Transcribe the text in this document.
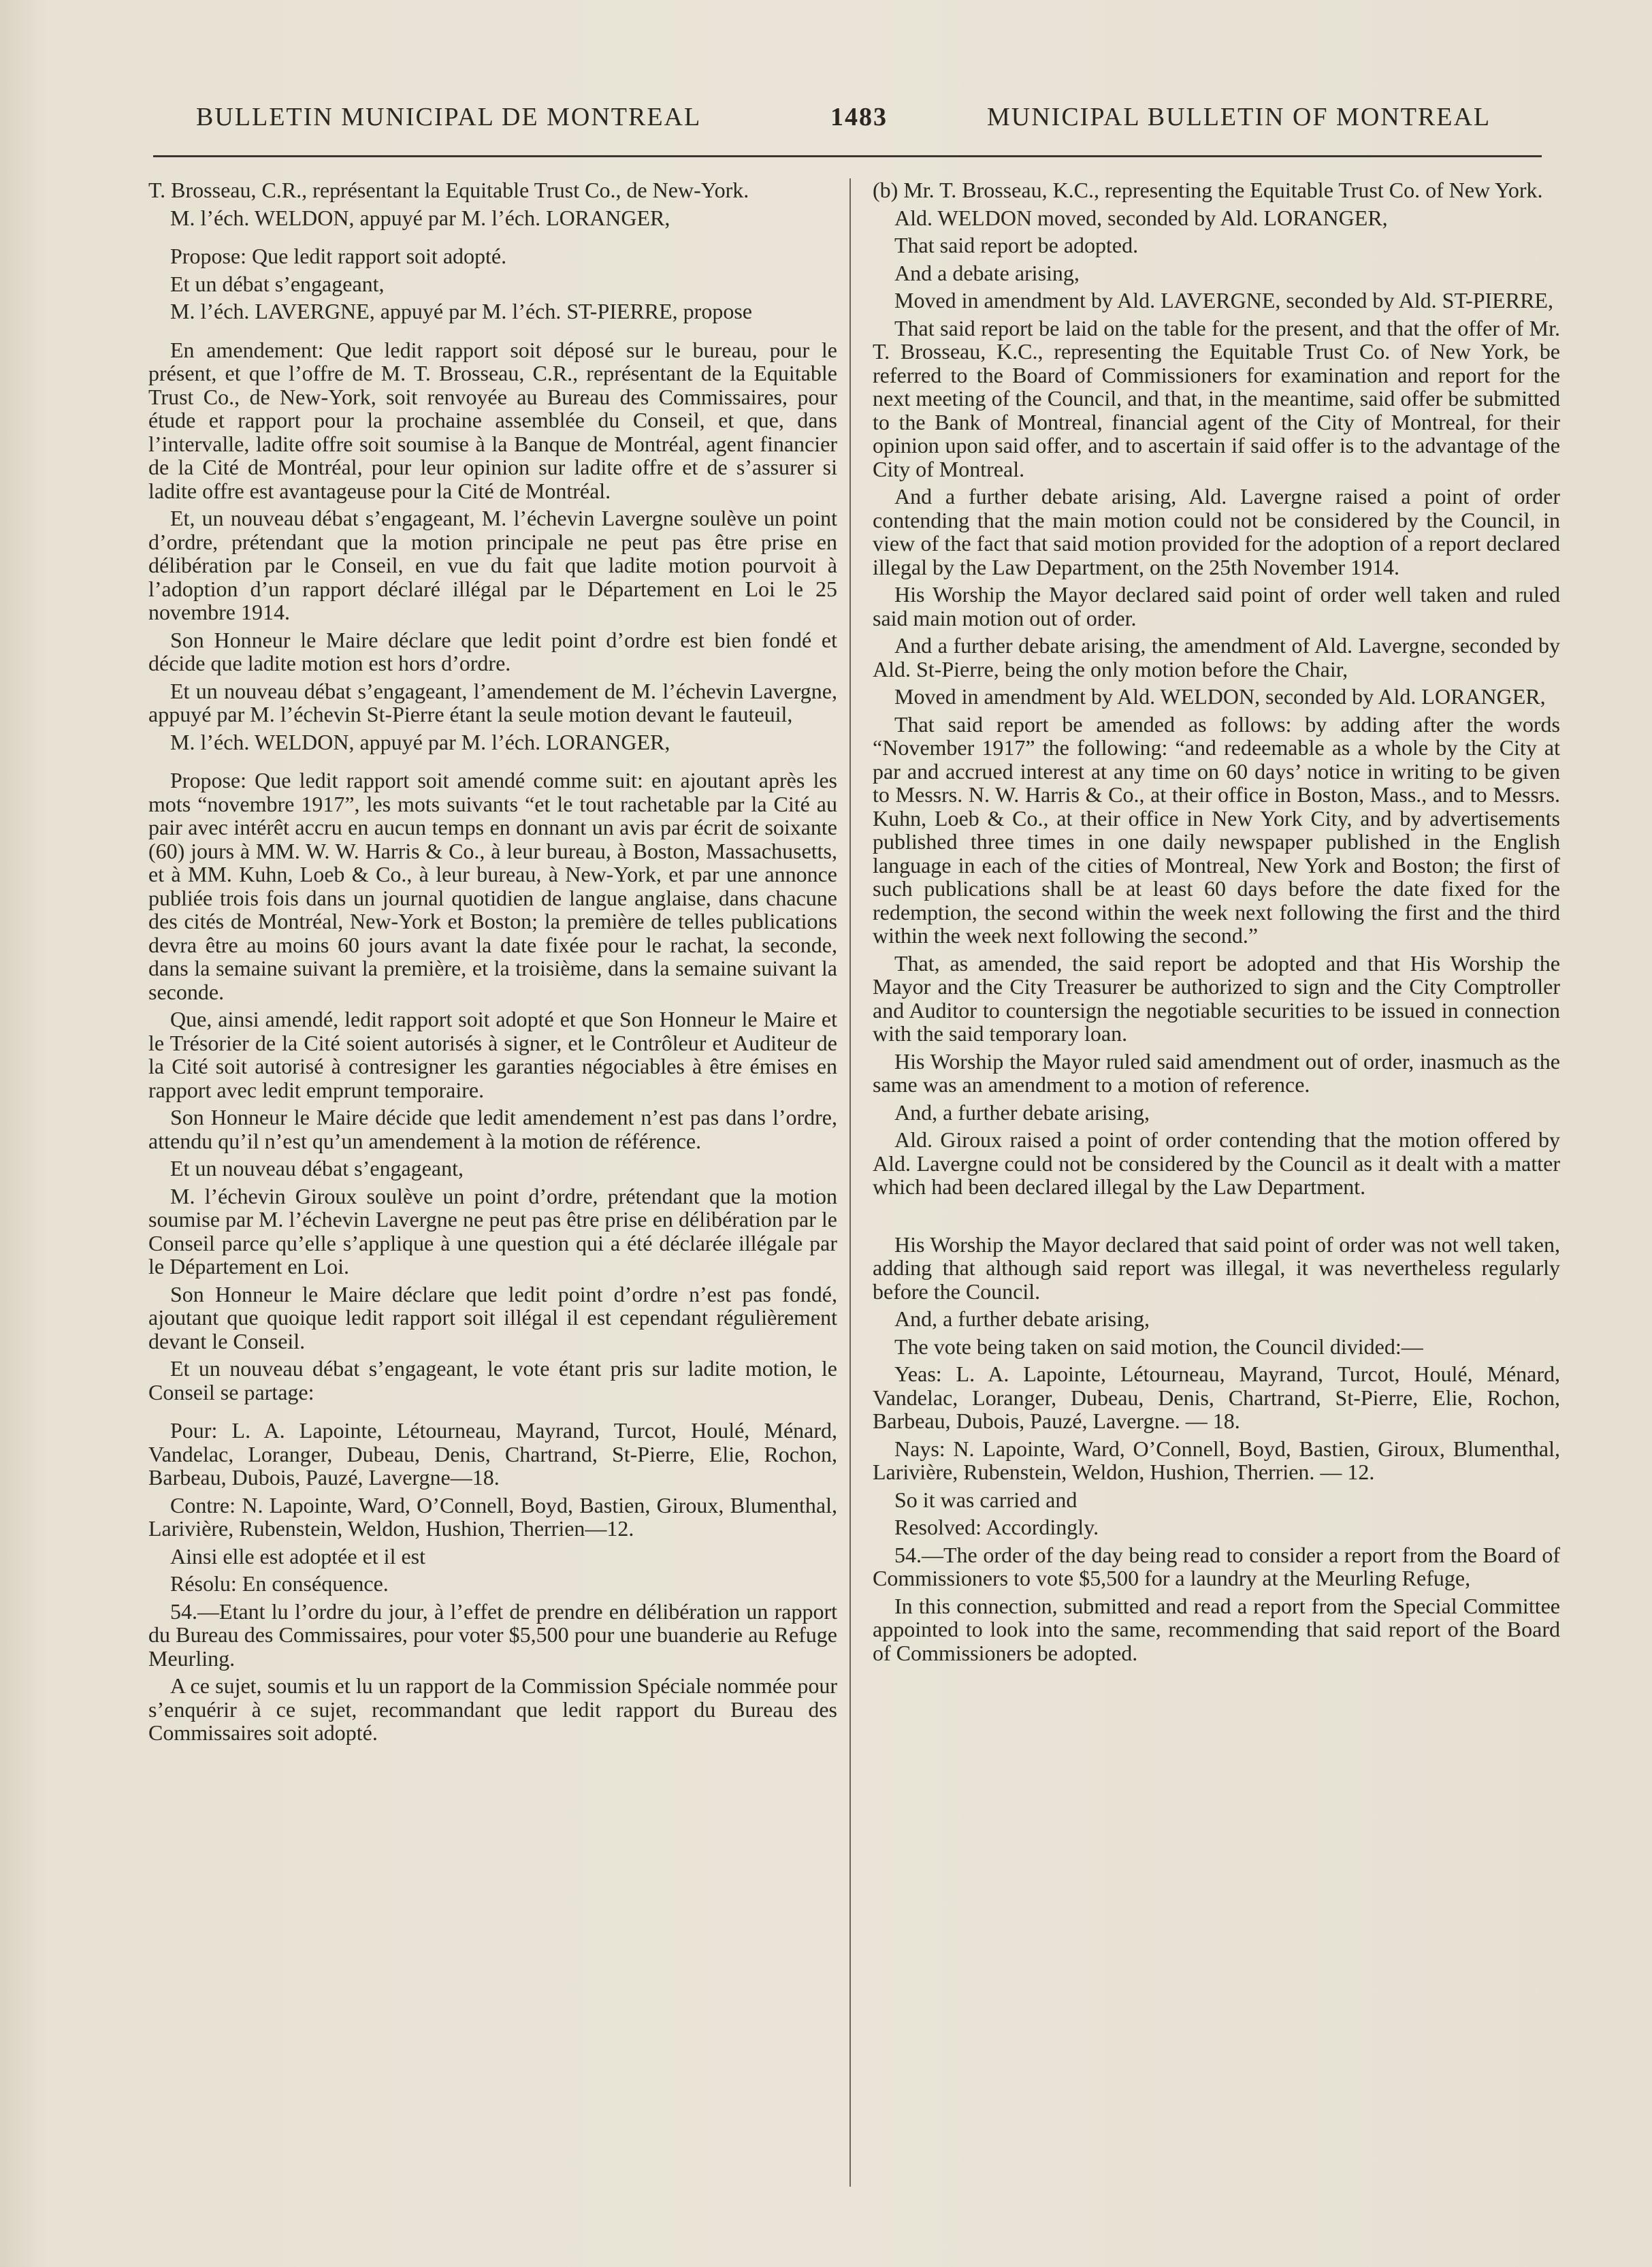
BULLETIN MUNICIPAL DE MONTREAL	1483	MUNICIPAL BULLETIN OF MONTREAL

T. Brosseau, C.R., représentant la Equitable Trust Co., de New-York.

M. l’éch. WELDON, appuyé par M. l’éch. LORANGER,

Propose: Que ledit rapport soit adopté.

Et un débat s’engageant,

M. l’éch. LAVERGNE, appuyé par M. l’éch. ST-PIERRE, propose

En amendement: Que ledit rapport soit déposé sur le bureau, pour le présent, et que l’offre de M. T. Brosseau, C.R., représentant de la Equitable Trust Co., de New-York, soit renvoyée au Bureau des Commissaires, pour étude et rapport pour la prochaine assemblée du Conseil, et que, dans l’intervalle, ladite offre soit soumise à la Banque de Montréal, agent financier de la Cité de Montréal, pour leur opinion sur ladite offre et de s’assurer si ladite offre est avantageuse pour la Cité de Montréal.

Et, un nouveau débat s’engageant, M. l’échevin Lavergne soulève un point d’ordre, prétendant que la motion principale ne peut pas être prise en délibération par le Conseil, en vue du fait que ladite motion pourvoit à l’adoption d’un rapport déclaré illégal par le Département en Loi le 25 novembre 1914.

Son Honneur le Maire déclare que ledit point d’ordre est bien fondé et décide que ladite motion est hors d’ordre.

Et un nouveau débat s’engageant, l’amendement de M. l’échevin Lavergne, appuyé par M. l’échevin St-Pierre étant la seule motion devant le fauteuil,

M. l’éch. WELDON, appuyé par M. l’éch. LORANGER,

Propose: Que ledit rapport soit amendé comme suit: en ajoutant après les mots “novembre 1917”, les mots suivants “et le tout rachetable par la Cité au pair avec intérêt accru en aucun temps en donnant un avis par écrit de soixante (60) jours à MM. W. W. Harris & Co., à leur bureau, à Boston, Massachusetts, et à MM. Kuhn, Loeb & Co., à leur bureau, à New-York, et par une annonce publiée trois fois dans un journal quotidien de langue anglaise, dans chacune des cités de Montréal, New-York et Boston; la première de telles publications devra être au moins 60 jours avant la date fixée pour le rachat, la seconde, dans la semaine suivant la première, et la troisième, dans la semaine suivant la seconde.

Que, ainsi amendé, ledit rapport soit adopté et que Son Honneur le Maire et le Trésorier de la Cité soient autorisés à signer, et le Contrôleur et Auditeur de la Cité soit autorisé à contresigner les garanties négociables à être émises en rapport avec ledit emprunt temporaire.

Son Honneur le Maire décide que ledit amendement n’est pas dans l’ordre, attendu qu’il n’est qu’un amendement à la motion de référence.

Et un nouveau débat s’engageant,

M. l’échevin Giroux soulève un point d’ordre, prétendant que la motion soumise par M. l’échevin Lavergne ne peut pas être prise en délibération par le Conseil parce qu’elle s’applique à une question qui a été déclarée illégale par le Département en Loi.

Son Honneur le Maire déclare que ledit point d’ordre n’est pas fondé, ajoutant que quoique ledit rapport soit illégal il est cependant régulièrement devant le Conseil.

Et un nouveau débat s’engageant, le vote étant pris sur ladite motion, le Conseil se partage:

Pour: L. A. Lapointe, Létourneau, Mayrand, Turcot, Houlé, Ménard, Vandelac, Loranger, Dubeau, Denis, Chartrand, St-Pierre, Elie, Rochon, Barbeau, Dubois, Pauzé, Lavergne—18.

Contre: N. Lapointe, Ward, O’Connell, Boyd, Bastien, Giroux, Blumenthal, Larivière, Rubenstein, Weldon, Hushion, Therrien—12.

Ainsi elle est adoptée et il est

Résolu: En conséquence.

54.—Etant lu l’ordre du jour, à l’effet de prendre en délibération un rapport du Bureau des Commissaires, pour voter $5,500 pour une buanderie au Refuge Meurling.

A ce sujet, soumis et lu un rapport de la Commission Spéciale nommée pour s’enquérir à ce sujet, recommandant que ledit rapport du Bureau des Commissaires soit adopté.

(b) Mr. T. Brosseau, K.C., representing the Equitable Trust Co. of New York.

Ald. WELDON moved, seconded by Ald. LORANGER,

That said report be adopted.

And a debate arising,

Moved in amendment by Ald. LAVERGNE, seconded by Ald. ST-PIERRE,

That said report be laid on the table for the present, and that the offer of Mr. T. Brosseau, K.C., representing the Equitable Trust Co. of New York, be referred to the Board of Commissioners for examination and report for the next meeting of the Council, and that, in the meantime, said offer be submitted to the Bank of Montreal, financial agent of the City of Montreal, for their opinion upon said offer, and to ascertain if said offer is to the advantage of the City of Montreal.

And a further debate arising, Ald. Lavergne raised a point of order contending that the main motion could not be considered by the Council, in view of the fact that said motion provided for the adoption of a report declared illegal by the Law Department, on the 25th November 1914.

His Worship the Mayor declared said point of order well taken and ruled said main motion out of order.

And a further debate arising, the amendment of Ald. Lavergne, seconded by Ald. St-Pierre, being the only motion before the Chair,

Moved in amendment by Ald. WELDON, seconded by Ald. LORANGER,

That said report be amended as follows: by adding after the words “November 1917” the following: “and redeemable as a whole by the City at par and accrued interest at any time on 60 days’ notice in writing to be given to Messrs. N. W. Harris & Co., at their office in Boston, Mass., and to Messrs. Kuhn, Loeb & Co., at their office in New York City, and by advertisements published three times in one daily newspaper published in the English language in each of the cities of Montreal, New York and Boston; the first of such publications shall be at least 60 days before the date fixed for the redemption, the second within the week next following the first and the third within the week next following the second.”

That, as amended, the said report be adopted and that His Worship the Mayor and the City Treasurer be authorized to sign and the City Comptroller and Auditor to countersign the negotiable securities to be issued in connection with the said temporary loan.

His Worship the Mayor ruled said amendment out of order, inasmuch as the same was an amendment to a motion of reference.

And, a further debate arising,

Ald. Giroux raised a point of order contending that the motion offered by Ald. Lavergne could not be considered by the Council as it dealt with a matter which had been declared illegal by the Law Department.

His Worship the Mayor declared that said point of order was not well taken, adding that although said report was illegal, it was nevertheless regularly before the Council.

And, a further debate arising,

The vote being taken on said motion, the Council divided:—

Yeas: L. A. Lapointe, Létourneau, Mayrand, Turcot, Houlé, Ménard, Vandelac, Loranger, Dubeau, Denis, Chartrand, St-Pierre, Elie, Rochon, Barbeau, Dubois, Pauzé, Lavergne. — 18.

Nays: N. Lapointe, Ward, O’Connell, Boyd, Bastien, Giroux, Blumenthal, Larivière, Rubenstein, Weldon, Hushion, Therrien. — 12.

So it was carried and

Resolved: Accordingly.

54.—The order of the day being read to consider a report from the Board of Commissioners to vote $5,500 for a laundry at the Meurling Refuge,

In this connection, submitted and read a report from the Special Committee appointed to look into the same, recommending that said report of the Board of Commissioners be adopted.
